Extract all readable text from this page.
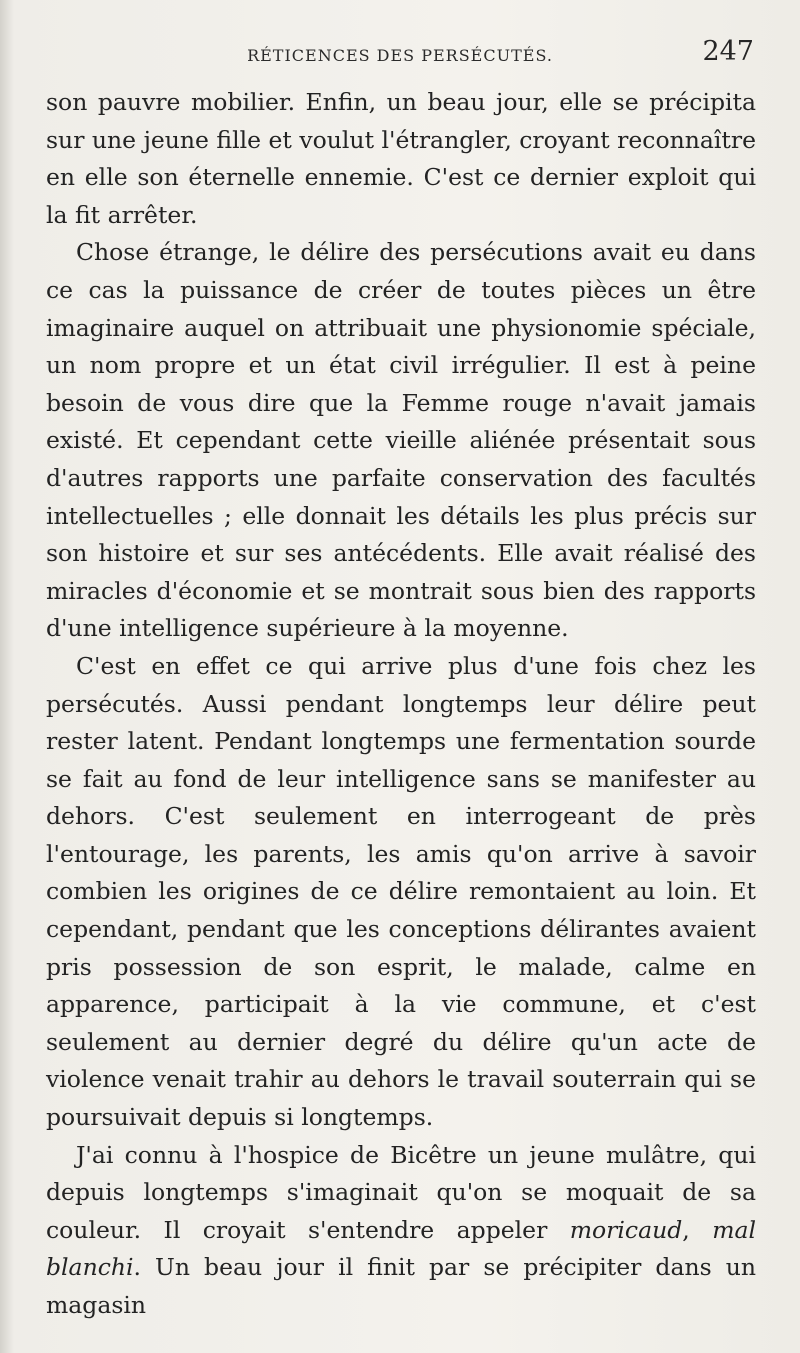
RÉTICENCES DES PERSÉCUTÉS.	247

son pauvre mobilier. Enfin, un beau jour, elle se précipita sur une jeune fille et voulut l'étrangler, croyant reconnaître en elle son éternelle ennemie. C'est ce dernier exploit qui la fit arrêter.

Chose étrange, le délire des persécutions avait eu dans ce cas la puissance de créer de toutes pièces un être imaginaire auquel on attribuait une physionomie spéciale, un nom propre et un état civil irrégulier. Il est à peine besoin de vous dire que la Femme rouge n'avait jamais existé. Et cependant cette vieille aliénée présentait sous d'autres rapports une parfaite conservation des facultés intellectuelles ; elle donnait les détails les plus précis sur son histoire et sur ses antécédents. Elle avait réalisé des miracles d'économie et se montrait sous bien des rapports d'une intelligence supérieure à la moyenne.

C'est en effet ce qui arrive plus d'une fois chez les persécutés. Aussi pendant longtemps leur délire peut rester latent. Pendant longtemps une fermentation sourde se fait au fond de leur intelligence sans se manifester au dehors. C'est seulement en interrogeant de près l'entourage, les parents, les amis qu'on arrive à savoir combien les origines de ce délire remontaient au loin. Et cependant, pendant que les conceptions délirantes avaient pris possession de son esprit, le malade, calme en apparence, participait à la vie commune, et c'est seulement au dernier degré du délire qu'un acte de violence venait trahir au dehors le travail souterrain qui se poursuivait depuis si longtemps.

J'ai connu à l'hospice de Bicêtre un jeune mulâtre, qui depuis longtemps s'imaginait qu'on se moquait de sa couleur. Il croyait s'entendre appeler moricaud, mal blanchi. Un beau jour il finit par se précipiter dans un magasin
